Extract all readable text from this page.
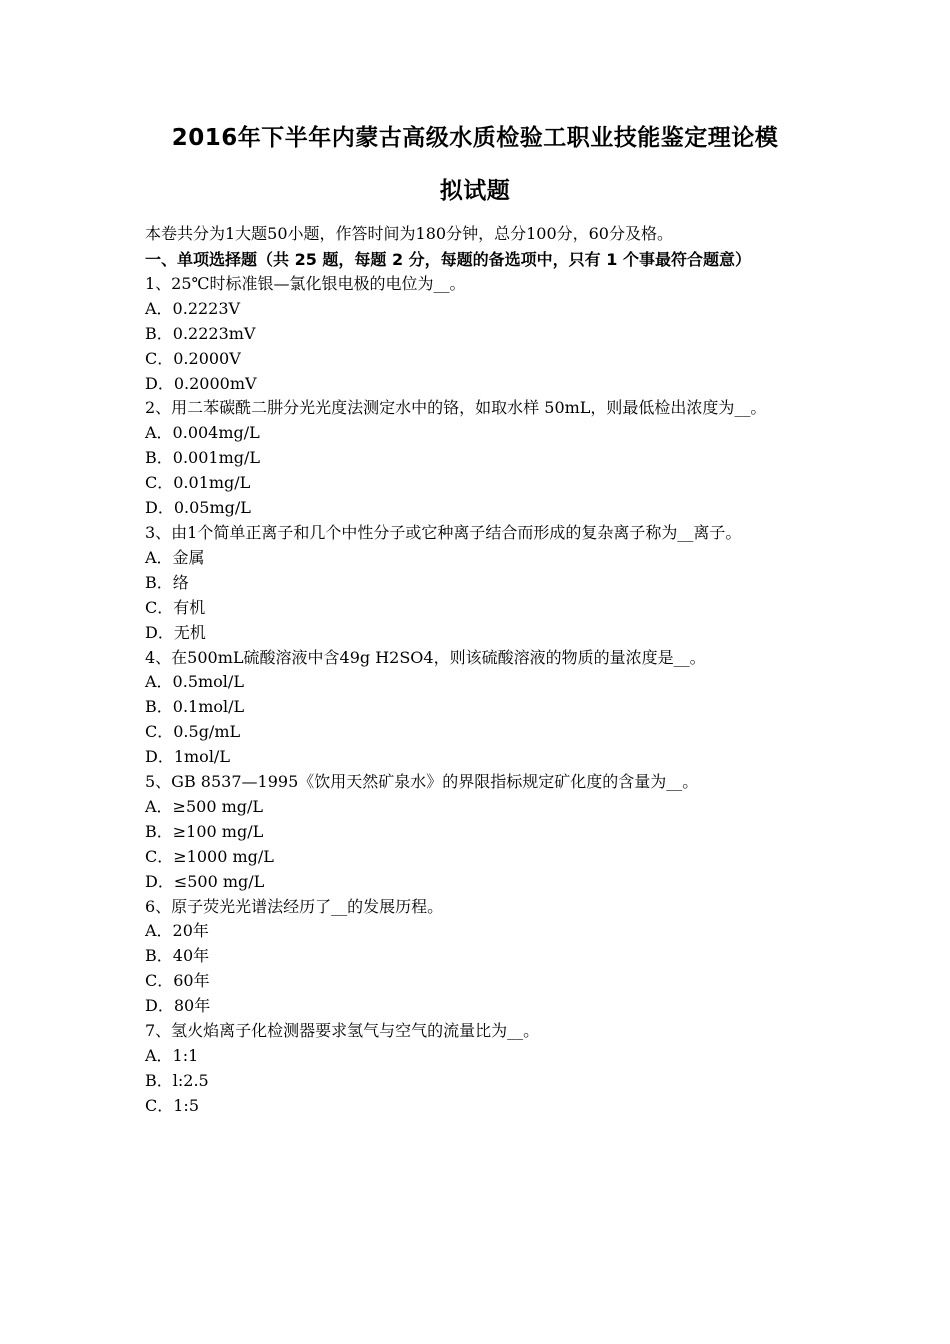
2016年下半年内蒙古高级水质检验工职业技能鉴定理论模
拟试题

本卷共分为1大题50小题，作答时间为180分钟，总分100分，60分及格。

一、单项选择题（共 25 题，每题 2 分，每题的备选项中，只有 1 个事最符合题意）

1、25℃时标准银—氯化银电极的电位为__。

A．0.2223V

B．0.2223mV

C．0.2000V

D．0.2000mV

2、用二苯碳酰二肼分光光度法测定水中的铬，如取水样 50mL，则最低检出浓度为__。

A．0.004mg/L

B．0.001mg/L

C．0.01mg/L

D．0.05mg/L

3、由1个简单正离子和几个中性分子或它种离子结合而形成的复杂离子称为__离子。

A．金属

B．络

C．有机

D．无机

4、在500mL硫酸溶液中含49g H2SO4，则该硫酸溶液的物质的量浓度是__。

A．0.5mol/L

B．0.1mol/L

C．0.5g/mL

D．1mol/L

5、GB 8537—1995《饮用天然矿泉水》的界限指标规定矿化度的含量为__。

A．≥500 mg/L

B．≥100 mg/L

C．≥1000 mg/L

D．≤500 mg/L

6、原子荧光光谱法经历了__的发展历程。

A．20年

B．40年

C．60年

D．80年

7、氢火焰离子化检测器要求氢气与空气的流量比为__。

A．1:1

B．l:2.5

C．1:5
